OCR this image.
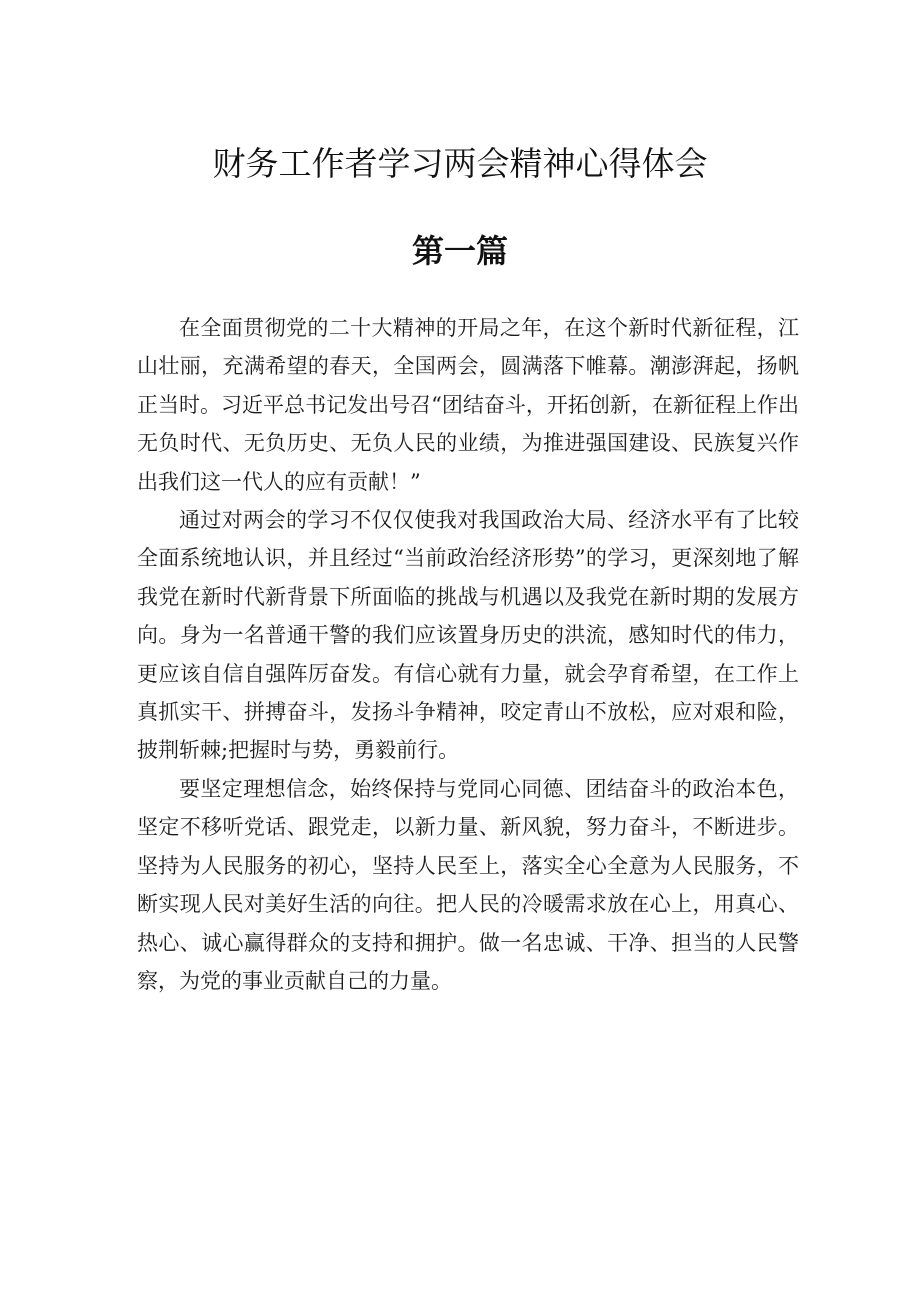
财务工作者学习两会精神心得体会
第一篇

在全面贯彻党的二十大精神的开局之年，在这个新时代新征程，江山壮丽，充满希望的春天，全国两会，圆满落下帷幕。潮澎湃起，扬帆正当时。习近平总书记发出号召“团结奋斗，开拓创新，在新征程上作出无负时代、无负历史、无负人民的业绩，为推进强国建设、民族复兴作出我们这一代人的应有贡献！”

通过对两会的学习不仅仅使我对我国政治大局、经济水平有了比较全面系统地认识，并且经过“当前政治经济形势”的学习，更深刻地了解我党在新时代新背景下所面临的挑战与机遇以及我党在新时期的发展方向。身为一名普通干警的我们应该置身历史的洪流，感知时代的伟力，更应该自信自强阵厉奋发。有信心就有力量，就会孕育希望，在工作上真抓实干、拼搏奋斗，发扬斗争精神，咬定青山不放松，应对艰和险，披荆斩棘;把握时与势，勇毅前行。

要坚定理想信念，始终保持与党同心同德、团结奋斗的政治本色，坚定不移听党话、跟党走，以新力量、新风貌，努力奋斗，不断进步。坚持为人民服务的初心，坚持人民至上，落实全心全意为人民服务，不断实现人民对美好生活的向往。把人民的冷暖需求放在心上，用真心、热心、诚心赢得群众的支持和拥护。做一名忠诚、干净、担当的人民警察，为党的事业贡献自己的力量。
